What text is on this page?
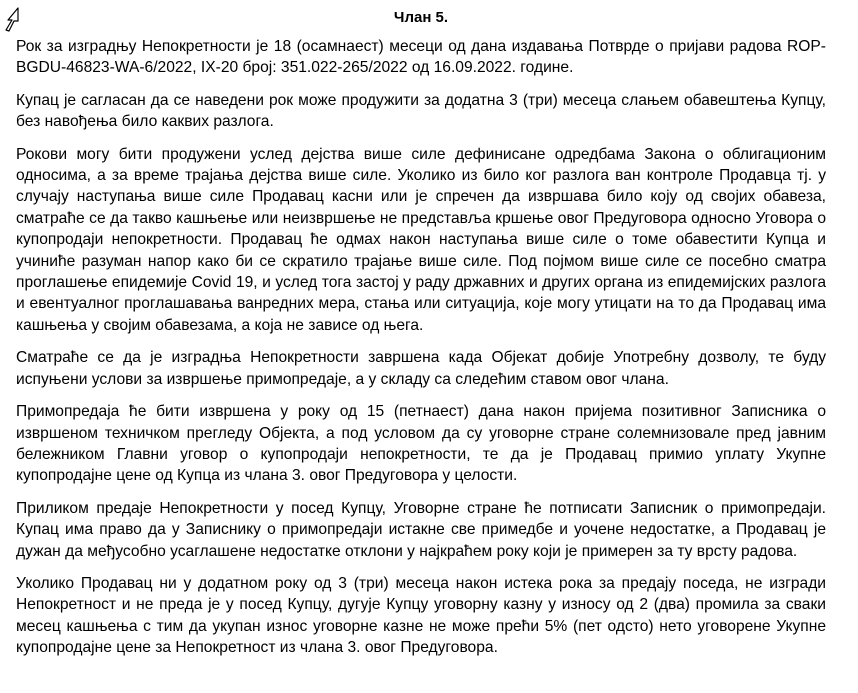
Члан 5.

Рок за изградњу Непокретности је 18 (осамнаест) месеци од дана издавања Потврде о пријави радова ROP-BGDU-46823-WA-6/2022, IX-20 број: 351.022-265/2022 од 16.09.2022. године.

Купац је сагласан да се наведени рок може продужити за додатна 3 (три) месеца слањем обавештења Купцу, без навођења било каквих разлога.

Рокови могу бити продужени услед дејства више силе дефинисане одредбама Закона о облигационим односима, а за време трајања дејства више силе. Уколико из било ког разлога ван контроле Продавца тј. у случају наступања више силе Продавац касни или је спречен да извршава било коју од својих обавеза, сматраће се да такво кашњење или неизвршење не представља кршење овог Предуговора односно Уговора о купопродаји непокретности. Продавац ће одмах након наступања више силе о томе обавестити Купца и учиниће разуман напор како би се скратило трајање више силе. Под појмом више силе се посебно сматра проглашење епидемије Covid 19, и услед тога застој у раду државних и других органа из епидемијских разлога и евентуалног проглашавања ванредних мера, стања или ситуација, које могу утицати на то да Продавац има кашњења у својим обавезама, а која не зависе од њега.

Сматраће се да је изградња Непокретности завршена када Објекат добије Употребну дозволу, те буду испуњени услови за извршење примопредаје, а у складу са следећим ставом овог члана.

Примопредаја ће бити извршена у року од 15 (петнаест) дана након пријема позитивног Записника о извршеном техничком прегледу Објекта, а под условом да су уговорне стране солемнизовале пред јавним бележником Главни уговор о купопродаји непокретности, те да је Продавац примио уплату Укупне купопродајне цене од Купца из члана 3. овог Предуговора у целости.

Приликом предаје Непокретности у посед Купцу, Уговорне стране ће потписати Записник о примопредаји. Купац има право да у Записнику о примопредаји истакне све примедбе и уочене недостатке, а Продавац је дужан да међусобно усаглашене недостатке отклони у најкраћем року који је примерен за ту врсту радова.

Уколико Продавац ни у додатном року од 3 (три) месеца након истека рока за предају поседа, не изгради Непокретност и не преда је у посед Купцу, дугује Купцу уговорну казну у износу од 2 (два) промила за сваки месец кашњења с тим да укупан износ уговорне казне не може прећи 5% (пет одсто) нето уговорене Укупне купопродајне цене за Непокретност из члана 3. овог Предуговора.
